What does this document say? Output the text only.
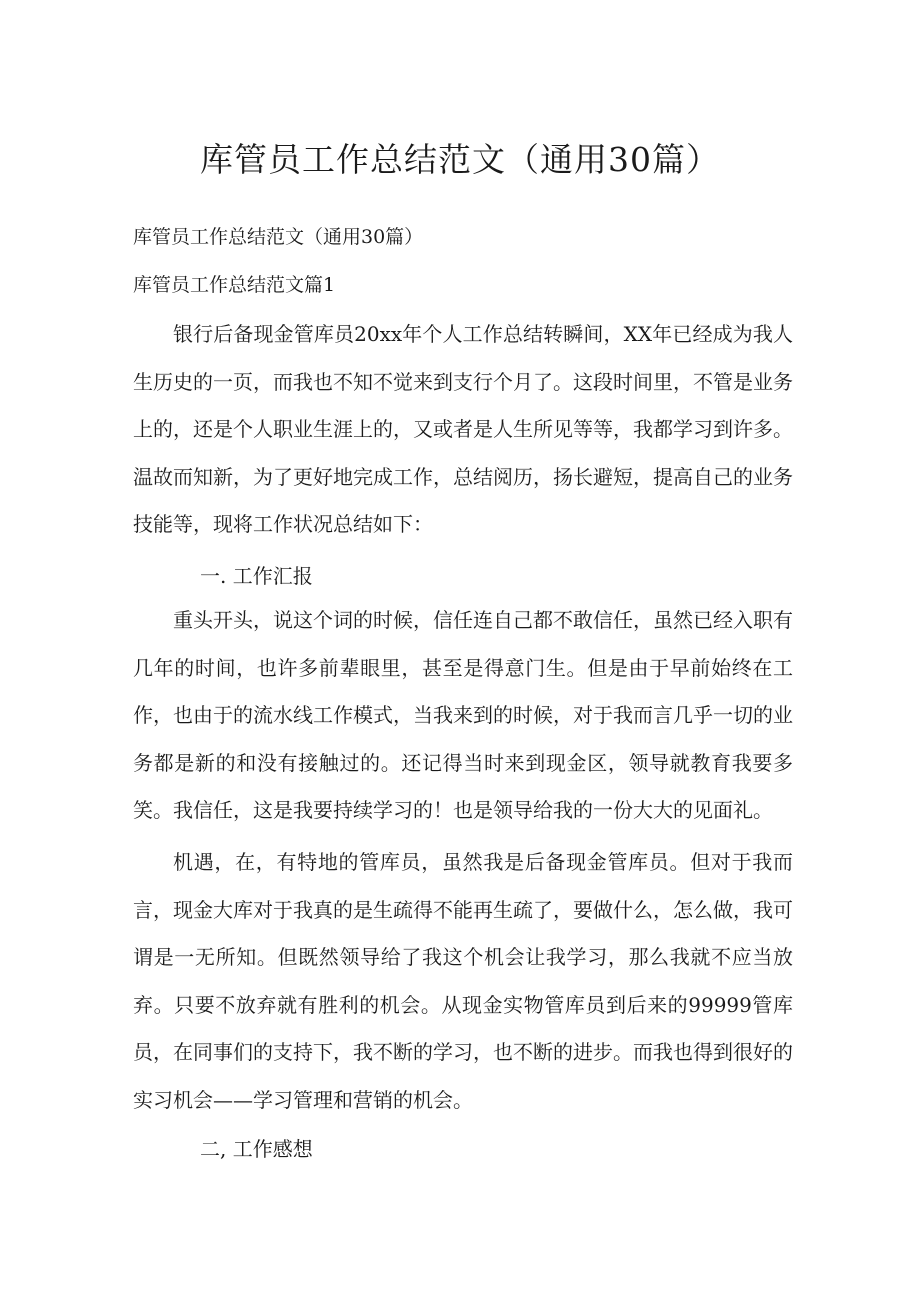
库管员工作总结范文（通用30篇）
库管员工作总结范文（通用30篇）
库管员工作总结范文篇1

银行后备现金管库员20xx年个人工作总结转瞬间，XX年已经成为我人生历史的一页，而我也不知不觉来到支行个月了。这段时间里，不管是业务上的，还是个人职业生涯上的，又或者是人生所见等等，我都学习到许多。温故而知新，为了更好地完成工作，总结阅历，扬长避短，提高自己的业务技能等，现将工作状况总结如下：

一. 工作汇报

重头开头，说这个词的时候，信任连自己都不敢信任，虽然已经入职有几年的时间，也许多前辈眼里，甚至是得意门生。但是由于早前始终在工作，也由于的流水线工作模式，当我来到的时候，对于我而言几乎一切的业务都是新的和没有接触过的。还记得当时来到现金区，领导就教育我要多笑。我信任，这是我要持续学习的！也是领导给我的一份大大的见面礼。

机遇，在，有特地的管库员，虽然我是后备现金管库员。但对于我而言，现金大库对于我真的是生疏得不能再生疏了，要做什么，怎么做，我可谓是一无所知。但既然领导给了我这个机会让我学习，那么我就不应当放弃。只要不放弃就有胜利的机会。从现金实物管库员到后来的99999管库员，在同事们的支持下，我不断的学习，也不断的进步。而我也得到很好的实习机会——学习管理和营销的机会。

二, 工作感想
